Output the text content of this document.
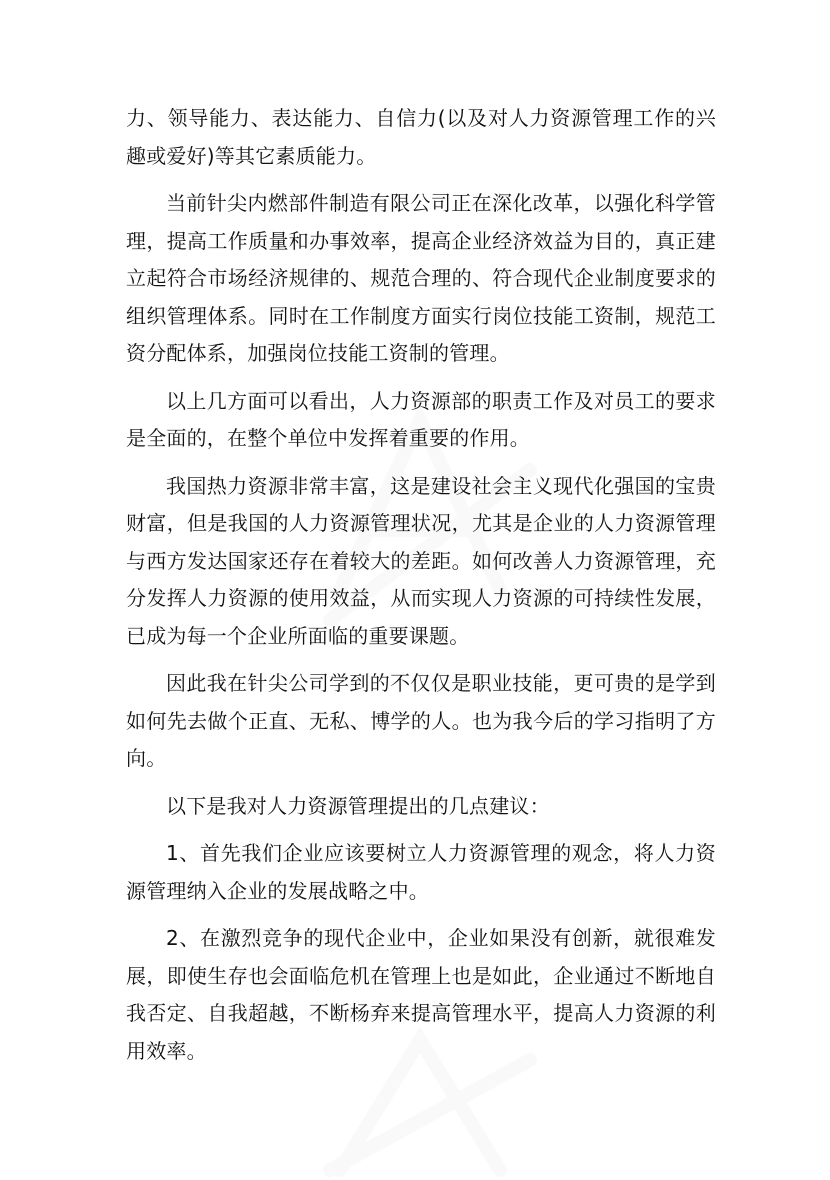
力、领导能力、表达能力、自信力(以及对人力资源管理工作的兴趣或爱好)等其它素质能力。

当前针尖内燃部件制造有限公司正在深化改革，以强化科学管理，提高工作质量和办事效率，提高企业经济效益为目的，真正建立起符合市场经济规律的、规范合理的、符合现代企业制度要求的组织管理体系。同时在工作制度方面实行岗位技能工资制，规范工资分配体系，加强岗位技能工资制的管理。

以上几方面可以看出，人力资源部的职责工作及对员工的要求是全面的，在整个单位中发挥着重要的作用。

我国热力资源非常丰富，这是建设社会主义现代化强国的宝贵财富，但是我国的人力资源管理状况，尤其是企业的人力资源管理与西方发达国家还存在着较大的差距。如何改善人力资源管理，充分发挥人力资源的使用效益，从而实现人力资源的可持续性发展，已成为每一个企业所面临的重要课题。

因此我在针尖公司学到的不仅仅是职业技能，更可贵的是学到如何先去做个正直、无私、博学的人。也为我今后的学习指明了方向。

以下是我对人力资源管理提出的几点建议：

1、首先我们企业应该要树立人力资源管理的观念，将人力资源管理纳入企业的发展战略之中。

2、在激烈竞争的现代企业中，企业如果没有创新，就很难发展，即使生存也会面临危机在管理上也是如此，企业通过不断地自我否定、自我超越，不断杨弃来提高管理水平，提高人力资源的利用效率。
